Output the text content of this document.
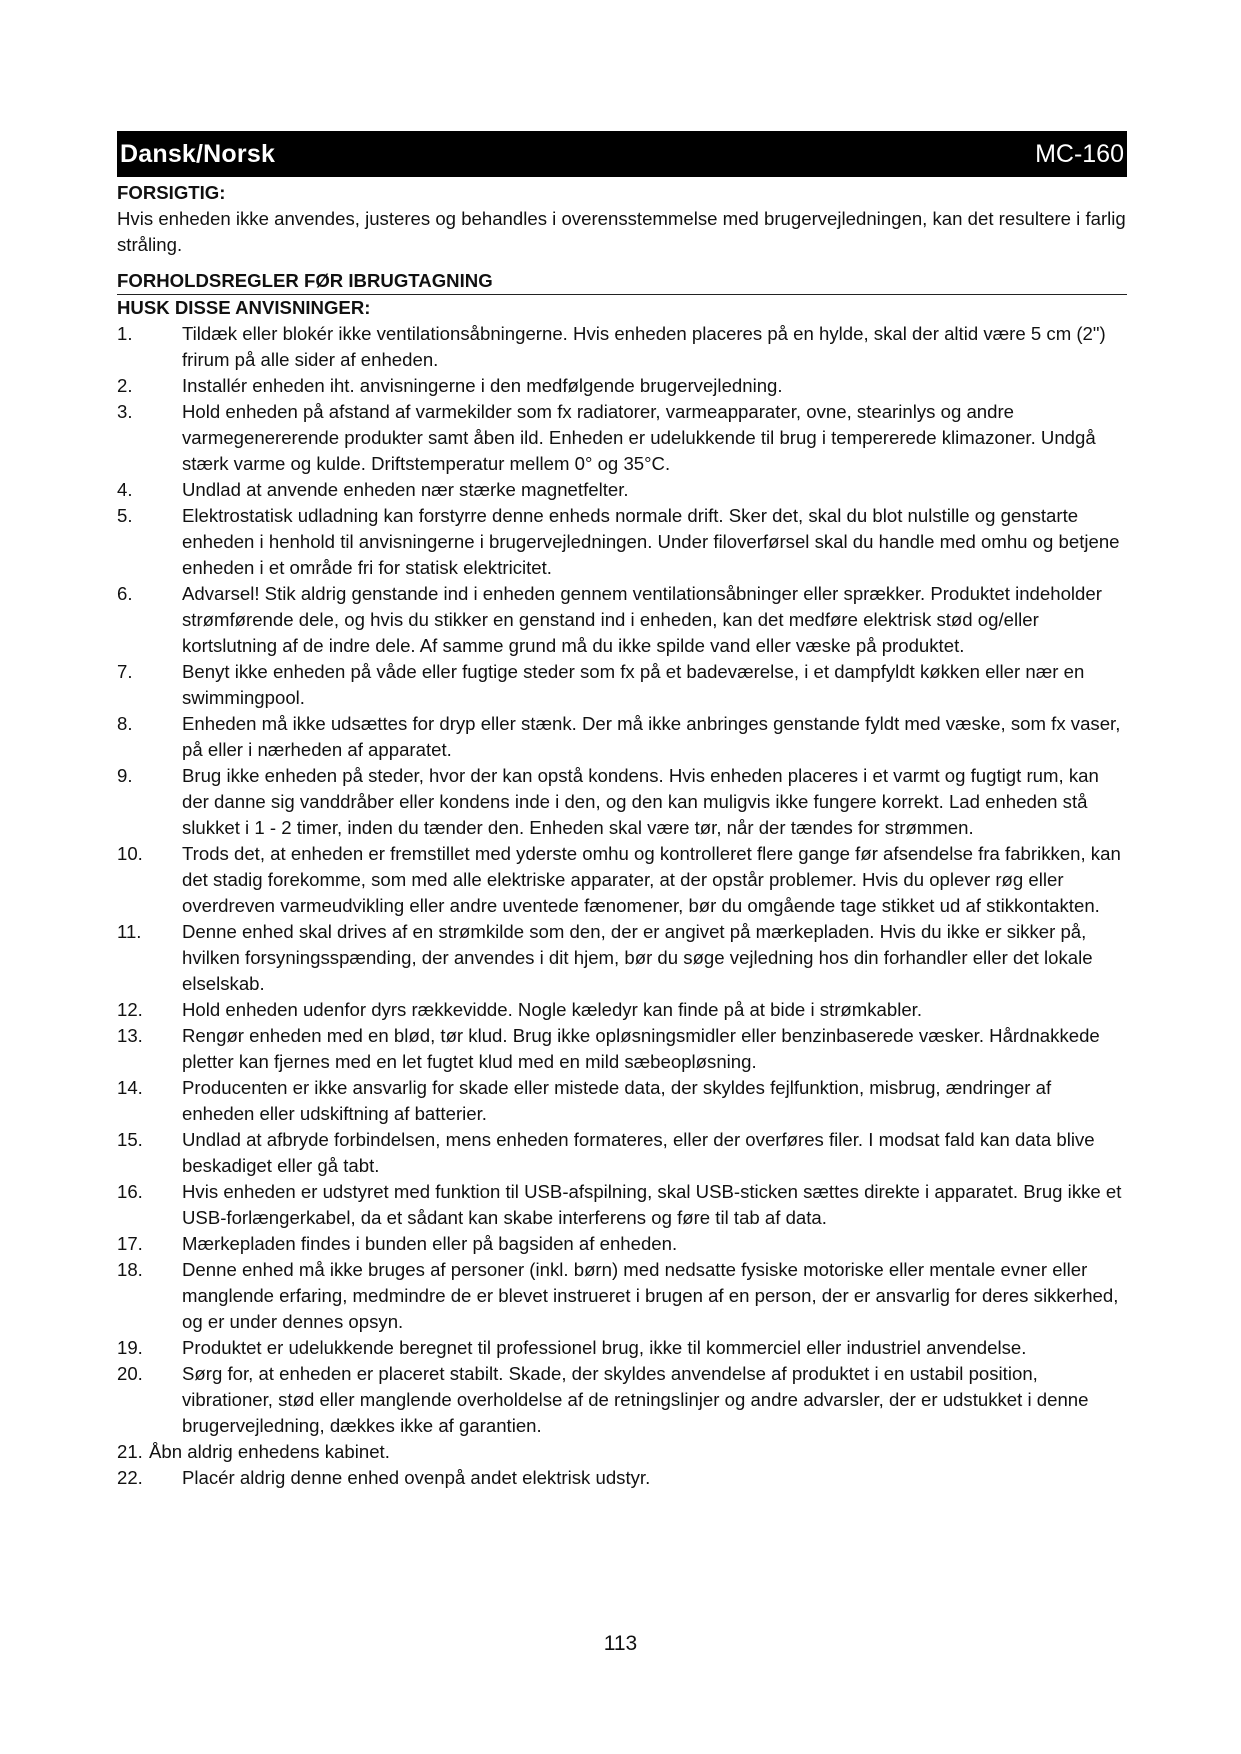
Dansk/Norsk	MC-160

FORSIGTIG:

Hvis enheden ikke anvendes, justeres og behandles i overensstemmelse med brugervejledningen, kan det resultere i farlig stråling.

FORHOLDSREGLER FØR IBRUGTAGNING

HUSK DISSE ANVISNINGER:

1.	Tildæk eller blokér ikke ventilationsåbningerne. Hvis enheden placeres på en hylde, skal der altid være 5 cm (2") frirum på alle sider af enheden.
2.	Installér enheden iht. anvisningerne i den medfølgende brugervejledning.
3.	Hold enheden på afstand af varmekilder som fx radiatorer, varmeapparater, ovne, stearinlys og andre varmegenererende produkter samt åben ild. Enheden er udelukkende til brug i tempererede klimazoner. Undgå stærk varme og kulde. Driftstemperatur mellem 0° og 35°C.
4.	Undlad at anvende enheden nær stærke magnetfelter.
5.	Elektrostatisk udladning kan forstyrre denne enheds normale drift. Sker det, skal du blot nulstille og genstarte enheden i henhold til anvisningerne i brugervejledningen. Under filoverførsel skal du handle med omhu og betjene enheden i et område fri for statisk elektricitet.
6.	Advarsel! Stik aldrig genstande ind i enheden gennem ventilationsåbninger eller sprækker. Produktet indeholder strømførende dele, og hvis du stikker en genstand ind i enheden, kan det medføre elektrisk stød og/eller kortslutning af de indre dele. Af samme grund må du ikke spilde vand eller væske på produktet.
7.	Benyt ikke enheden på våde eller fugtige steder som fx på et badeværelse, i et dampfyldt køkken eller nær en swimmingpool.
8.	Enheden må ikke udsættes for dryp eller stænk. Der må ikke anbringes genstande fyldt med væske, som fx vaser, på eller i nærheden af apparatet.
9.	Brug ikke enheden på steder, hvor der kan opstå kondens. Hvis enheden placeres i et varmt og fugtigt rum, kan der danne sig vanddråber eller kondens inde i den, og den kan muligvis ikke fungere korrekt. Lad enheden stå slukket i 1 - 2 timer, inden du tænder den. Enheden skal være tør, når der tændes for strømmen.
10.	Trods det, at enheden er fremstillet med yderste omhu og kontrolleret flere gange før afsendelse fra fabrikken, kan det stadig forekomme, som med alle elektriske apparater, at der opstår problemer. Hvis du oplever røg eller overdreven varmeudvikling eller andre uventede fænomener, bør du omgående tage stikket ud af stikkontakten.
11.	Denne enhed skal drives af en strømkilde som den, der er angivet på mærkepladen. Hvis du ikke er sikker på, hvilken forsyningsspænding, der anvendes i dit hjem, bør du søge vejledning hos din forhandler eller det lokale elselskab.
12.	Hold enheden udenfor dyrs rækkevidde. Nogle kæledyr kan finde på at bide i strømkabler.
13.	Rengør enheden med en blød, tør klud. Brug ikke opløsningsmidler eller benzinbaserede væsker. Hårdnakkede pletter kan fjernes med en let fugtet klud med en mild sæbeopløsning.
14.	Producenten er ikke ansvarlig for skade eller mistede data, der skyldes fejlfunktion, misbrug, ændringer af enheden eller udskiftning af batterier.
15.	Undlad at afbryde forbindelsen, mens enheden formateres, eller der overføres filer. I modsat fald kan data blive beskadiget eller gå tabt.
16.	Hvis enheden er udstyret med funktion til USB-afspilning, skal USB-sticken sættes direkte i apparatet. Brug ikke et USB-forlængerkabel, da et sådant kan skabe interferens og føre til tab af data.
17.	Mærkepladen findes i bunden eller på bagsiden af enheden.
18.	Denne enhed må ikke bruges af personer (inkl. børn) med nedsatte fysiske motoriske eller mentale evner eller manglende erfaring, medmindre de er blevet instrueret i brugen af en person, der er ansvarlig for deres sikkerhed, og er under dennes opsyn.
19.	Produktet er udelukkende beregnet til professionel brug, ikke til kommerciel eller industriel anvendelse.
20.	Sørg for, at enheden er placeret stabilt. Skade, der skyldes anvendelse af produktet i en ustabil position, vibrationer, stød eller manglende overholdelse af de retningslinjer og andre advarsler, der er udstukket i denne brugervejledning, dækkes ikke af garantien.
21. Åbn aldrig enhedens kabinet.
22.	Placér aldrig denne enhed ovenpå andet elektrisk udstyr.
113
